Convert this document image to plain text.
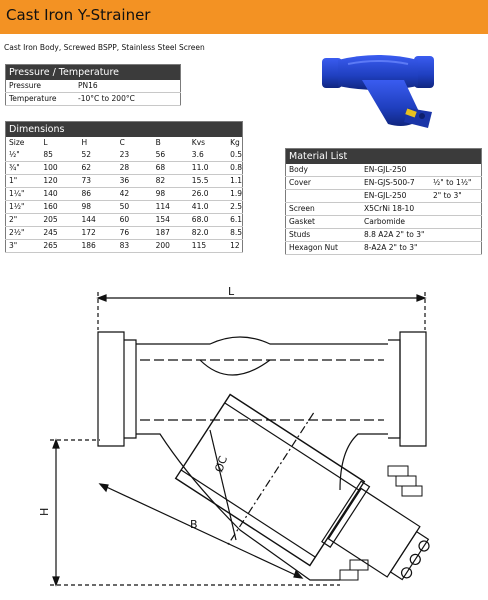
Cast Iron Y-Strainer
Cast Iron Body, Screwed BSPP, Stainless Steel Screen
Pressure / Temperature	
Pressure	PN16
Temperature	-10°C to 200°C
Dimensions						
Size	L	H	C	B	Kvs	Kg
½"	85	52	23	56	3.6	0.5
¾"	100	62	28	68	11.0	0.8
1"	120	73	36	82	15.5	1.1
1¼"	140	86	42	98	26.0	1.9
1½"	160	98	50	114	41.0	2.5
2"	205	144	60	154	68.0	6.1
2½"	245	172	76	187	82.0	8.5
3"	265	186	83	200	115	12
Material List		
Body	EN-GJL-250	
Cover	EN-GJS-500-7	½" to 1½"
	EN-GJL-250	2" to 3"
Screen	X5CrNi 18-10	
Gasket	Carbomide	
Studs	8.8 A2A 2" to 3"	
Hexagon Nut	8-A2A 2" to 3"	
L
H
B
ØC
